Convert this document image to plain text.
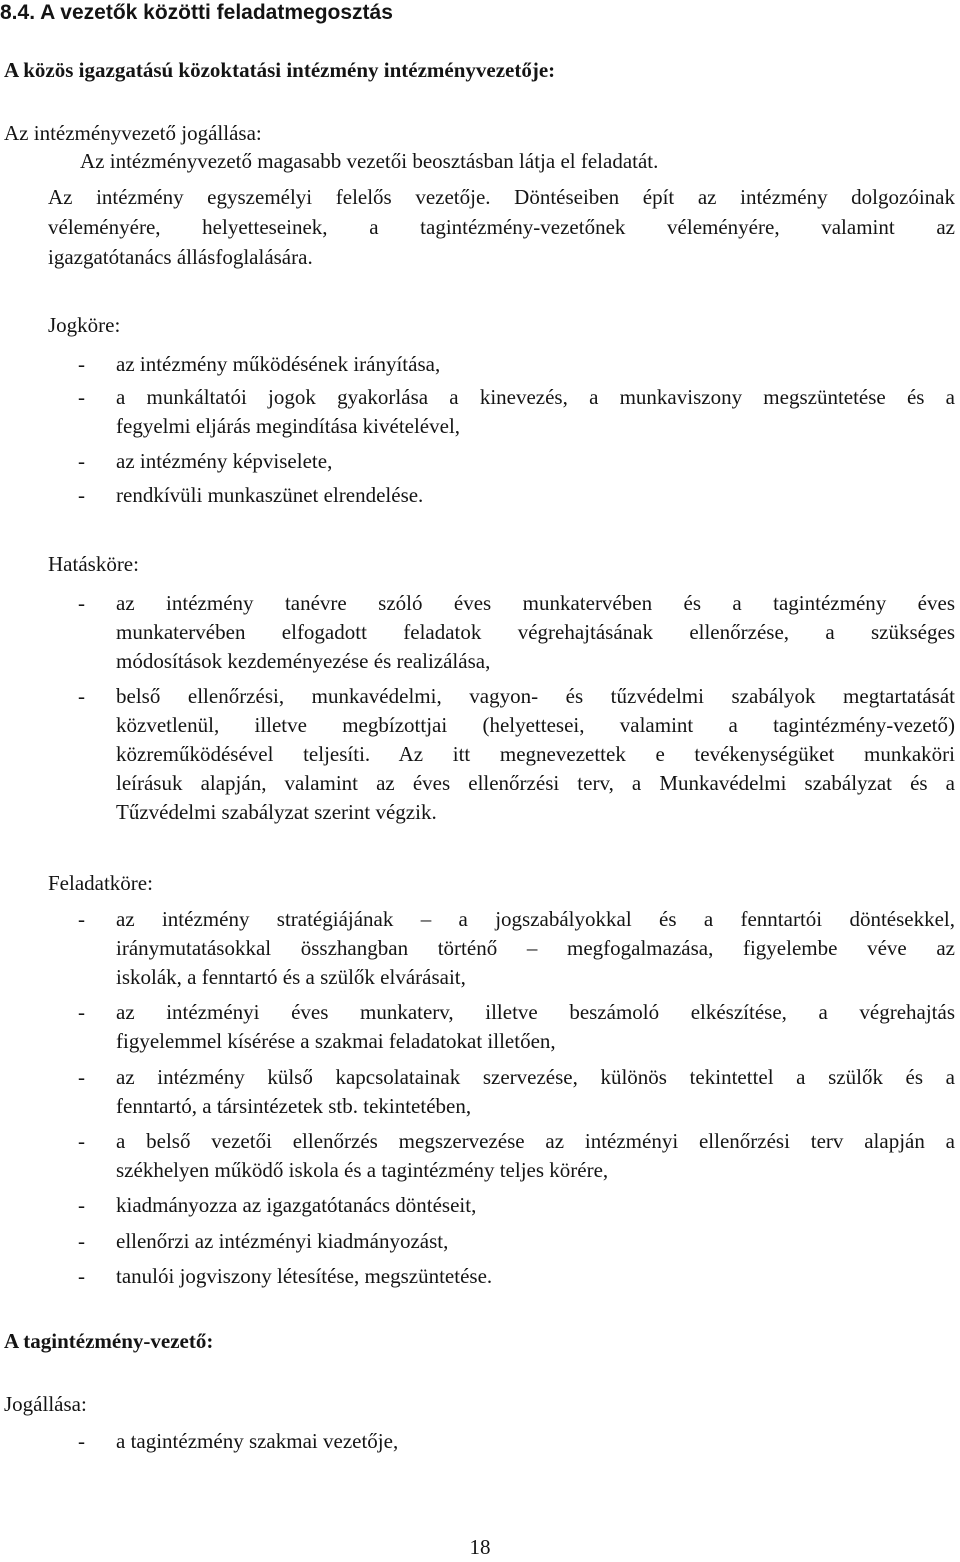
8.4. A vezetők közötti feladatmegosztás

A közös igazgatású közoktatási intézmény intézményvezetője:

Az intézményvezető jogállása:

Az intézményvezető magasabb vezetői beosztásban látja el feladatát.

Az intézmény egyszemélyi felelős vezetője. Döntéseiben épít az intézmény dolgozóinak

véleményére, helyetteseinek, a tagintézmény-vezetőnek véleményére, valamint az

igazgatótanács állásfoglalására.

Jogköre:

- az intézmény működésének irányítása,

- a munkáltatói jogok gyakorlása a kinevezés, a munkaviszony megszüntetése és a

fegyelmi eljárás megindítása kivételével,

- az intézmény képviselete,

- rendkívüli munkaszünet elrendelése.

Hatásköre:

- az intézmény tanévre szóló éves munkatervében és a tagintézmény éves

munkatervében elfogadott feladatok végrehajtásának ellenőrzése, a szükséges

módosítások kezdeményezése és realizálása,

- belső ellenőrzési, munkavédelmi, vagyon- és tűzvédelmi szabályok megtartatását

közvetlenül, illetve megbízottjai (helyettesei, valamint a tagintézmény-vezető)

közreműködésével teljesíti. Az itt megnevezettek e tevékenységüket munkaköri

leírásuk alapján, valamint az éves ellenőrzési terv, a Munkavédelmi szabályzat és a

Tűzvédelmi szabályzat szerint végzik.

Feladatköre:

- az intézmény stratégiájának – a jogszabályokkal és a fenntartói döntésekkel,

iránymutatásokkal összhangban történő – megfogalmazása, figyelembe véve az

iskolák, a fenntartó és a szülők elvárásait,

- az intézményi éves munkaterv, illetve beszámoló elkészítése, a végrehajtás

figyelemmel kísérése a szakmai feladatokat illetően,

- az intézmény külső kapcsolatainak szervezése, különös tekintettel a szülők és a

fenntartó, a társintézetek stb. tekintetében,

- a belső vezetői ellenőrzés megszervezése az intézményi ellenőrzési terv alapján a

székhelyen működő iskola és a tagintézmény teljes körére,

- kiadmányozza az igazgatótanács döntéseit,

- ellenőrzi az intézményi kiadmányozást,

- tanulói jogviszony létesítése, megszüntetése.

A tagintézmény-vezető:

Jogállása:

- a tagintézmény szakmai vezetője,

18
